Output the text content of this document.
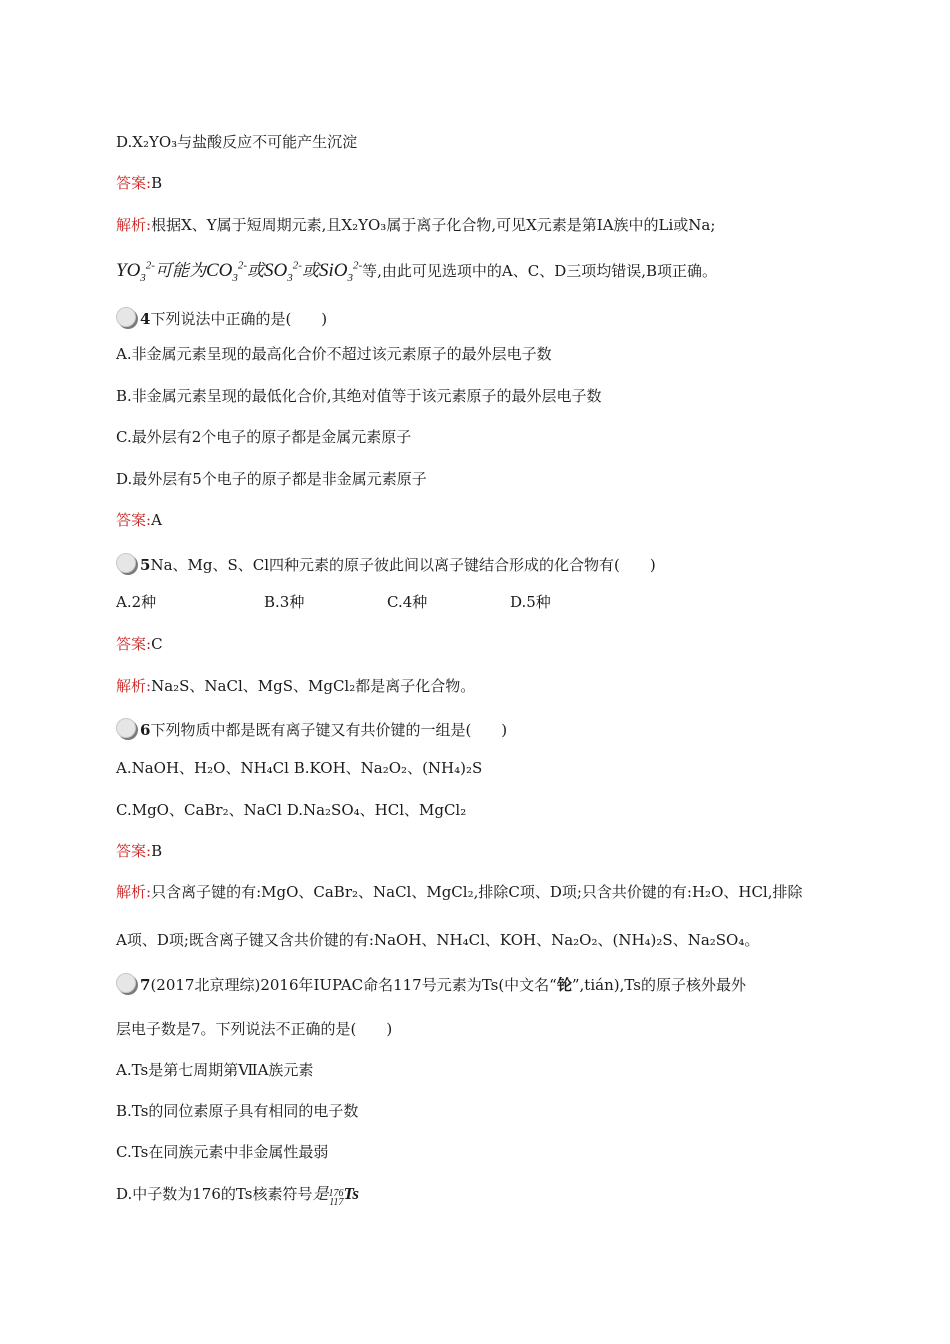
D.X₂YO₃与盐酸反应不可能产生沉淀
答案:B
解析:根据X、Y属于短周期元素,且X₂YO₃属于离子化合物,可见X元素是第ⅠA族中的Li或Na;
$YO_3^{2-}$可能为$CO_3^{2-}$或$SO_3^{2-}$或SiO$_3^{2-}$等,由此可见选项中的A、C、D三项均错误,B项正确。
4下列说法中正确的是(　　)
A.非金属元素呈现的最高化合价不超过该元素原子的最外层电子数
B.非金属元素呈现的最低化合价,其绝对值等于该元素原子的最外层电子数
C.最外层有2个电子的原子都是金属元素原子
D.最外层有5个电子的原子都是非金属元素原子
答案:A
5Na、Mg、S、Cl四种元素的原子彼此间以离子键结合形成的化合物有(　　)
A.2种	B.3种	C.4种	D.5种
答案:C
解析:Na₂S、NaCl、MgS、MgCl₂都是离子化合物。
6下列物质中都是既有离子键又有共价键的一组是(　　)
A.NaOH、H₂O、NH₄Cl B.KOH、Na₂O₂、(NH₄)₂S
C.MgO、CaBr₂、NaCl D.Na₂SO₄、HCl、MgCl₂
答案:B
解析:只含离子键的有:MgO、CaBr₂、NaCl、MgCl₂,排除C项、D项;只含共价键的有:H₂O、HCl,排除
A项、D项;既含离子键又含共价键的有:NaOH、NH₄Cl、KOH、Na₂O₂、(NH₄)₂S、Na₂SO₄。
7(2017北京理综)2016年IUPAC命名117号元素为Ts(中文名“𬬭”,tián),Ts的原子核外最外
层电子数是7。下列说法不正确的是(　　)
A.Ts是第七周期第ⅦA族元素
B.Ts的同位素原子具有相同的电子数
C.Ts在同族元素中非金属性最弱
D.中子数为176的Ts核素符号是 176
117 Ts
